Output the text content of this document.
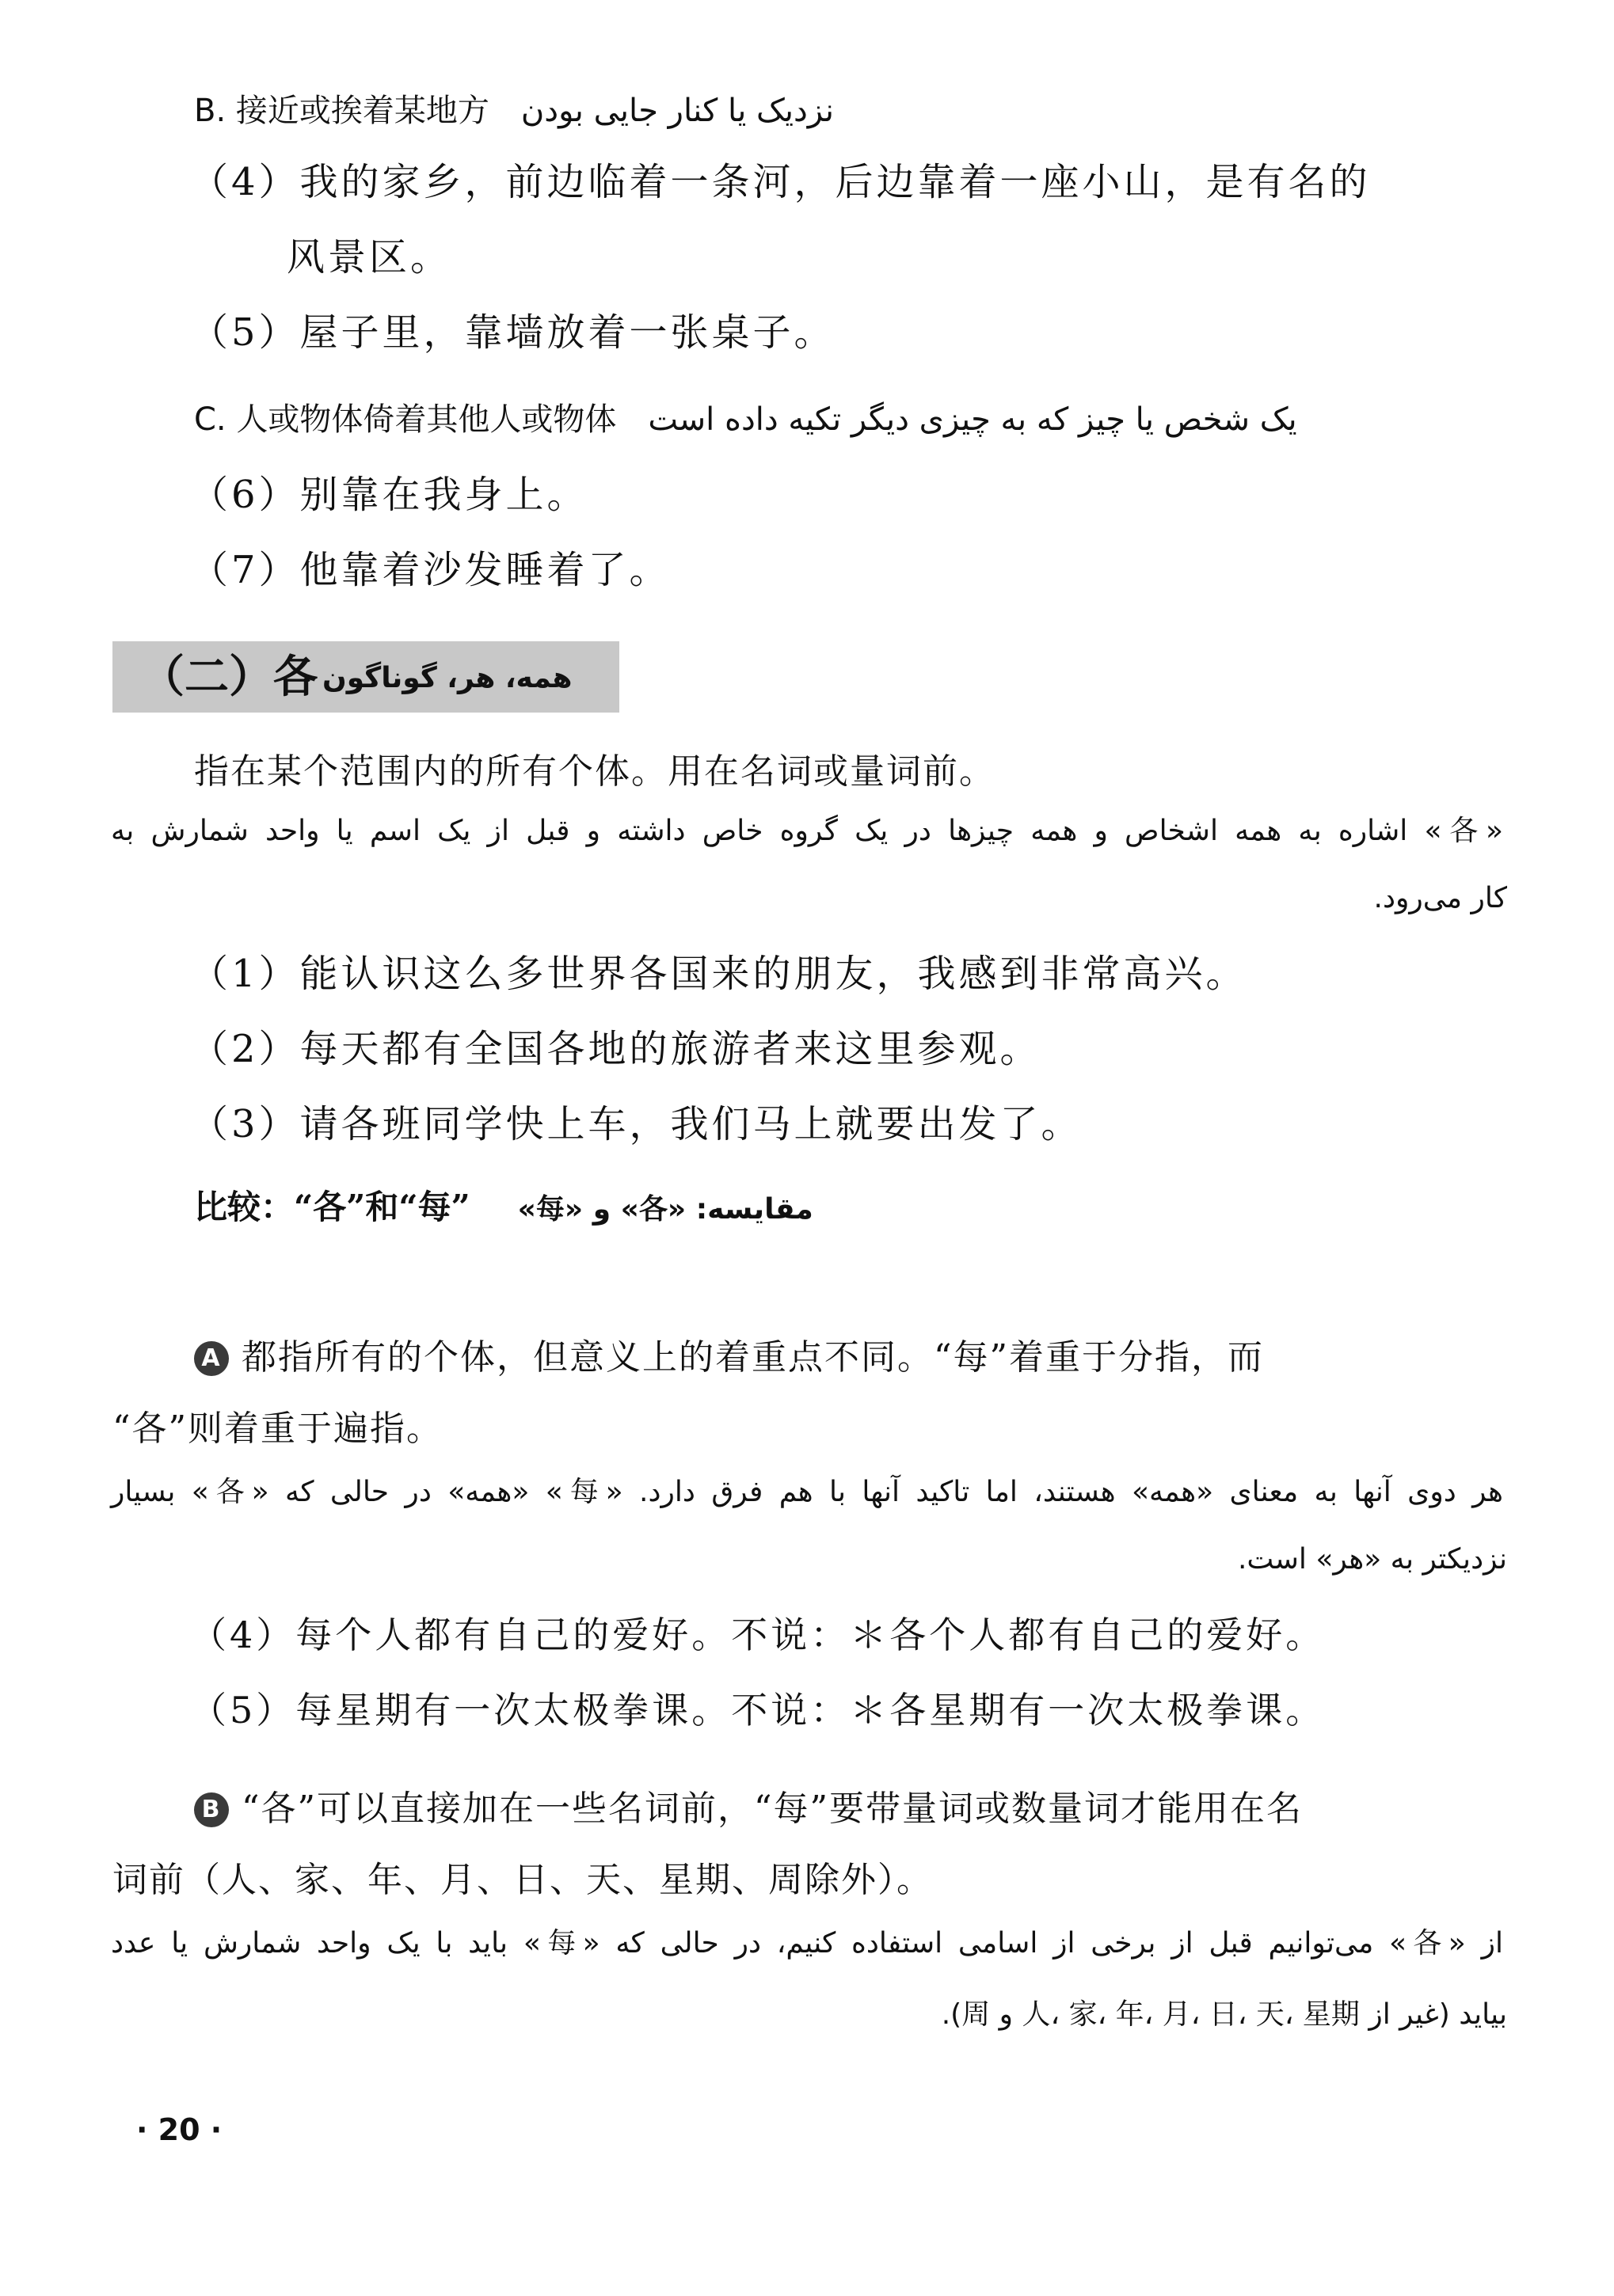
B. 接近或挨着某地方 نزدیک یا کنار جایی بودن
（4）我的家乡，前边临着一条河，后边靠着一座小山，是有名的
风景区。
（5）屋子里，靠墙放着一张桌子。
C. 人或物体倚着其他人或物体 یک شخص یا چیز که به چیزی دیگر تکیه داده است
（6）别靠在我身上。
（7）他靠着沙发睡着了。
（二）各 همه، هر، گوناگون
指在某个范围内的所有个体。用在名词或量词前。
«各» اشاره به همه اشخاص و همه چیزها در یک گروه خاص داشته و قبل از یک اسم یا واحد شمارش به
کار می‌رود.
（1）能认识这么多世界各国来的朋友，我感到非常高兴。
（2）每天都有全国各地的旅游者来这里参观。
（3）请各班同学快上车，我们马上就要出发了。
比较：“各”和“每” مقایسه: «各» و «每»
A 都指所有的个体，但意义上的着重点不同。“每”着重于分指，而
“各”则着重于遍指。
هر دوی آنها به معنای «همه» هستند، اما تاکید آنها با هم فرق دارد. «每» «همه» در حالی که «各» بسیار
نزدیکتر به «هر» است.
（4）每个人都有自己的爱好。不说：＊各个人都有自己的爱好。
（5）每星期有一次太极拳课。不说：＊各星期有一次太极拳课。
B “各”可以直接加在一些名词前，“每”要带量词或数量词才能用在名
词前（人、家、年、月、日、天、星期、周除外）。
از «各» می‌توانیم قبل از برخی از اسامی استفاده کنیم، در حالی که «每» باید با یک واحد شمارش یا عدد
بیاید (غیر از 人، 家، 年، 月، 日، 天، 星期 و 周).
· 20 ·
